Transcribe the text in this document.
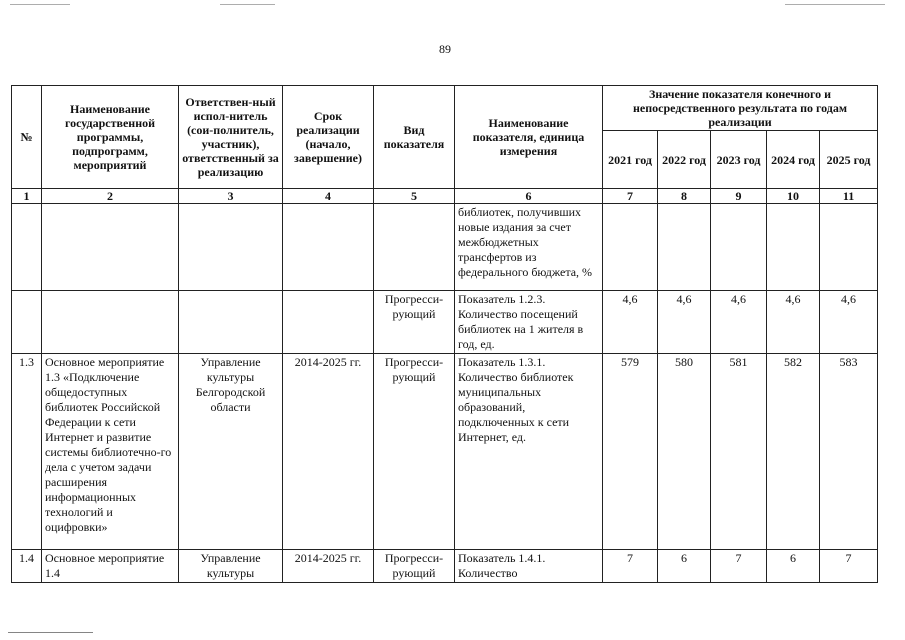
89
№	Наименование государственной программы, подпрограмм, мероприятий	Ответствен-ный испол-нитель (сои-полнитель, участник), ответственный за реализацию	Срок реализации (начало, завершение)	Вид показателя	Наименование показателя, единица измерения	Значение показателя конечного и непосредственного результата по годам реализации				
						2021 год	2022 год	2023 год	2024 год	2025 год
1	2	3	4	5	6	7	8	9	10	11
					библиотек, получивших новые издания за счет межбюджетных трансфертов из федерального бюджета, %					
				Прогресси-рующий	Показатель 1.2.3. Количество посещений библиотек на 1 жителя в год, ед.	4,6	4,6	4,6	4,6	4,6
1.3	Основное мероприятие 1.3 «Подключение общедоступных библиотек Российской Федерации к сети Интернет и развитие системы библиотечно-го дела с учетом задачи расширения информационных технологий и оцифровки»	Управление культуры Белгородской области	2014-2025 гг.	Прогресси-рующий	Показатель 1.3.1. Количество библиотек муниципальных образований, подключенных к сети Интернет, ед.	579	580	581	582	583
1.4	Основное мероприятие 1.4	Управление культуры	2014-2025 гг.	Прогресси-рующий	Показатель 1.4.1. Количество	7	6	7	6	7
